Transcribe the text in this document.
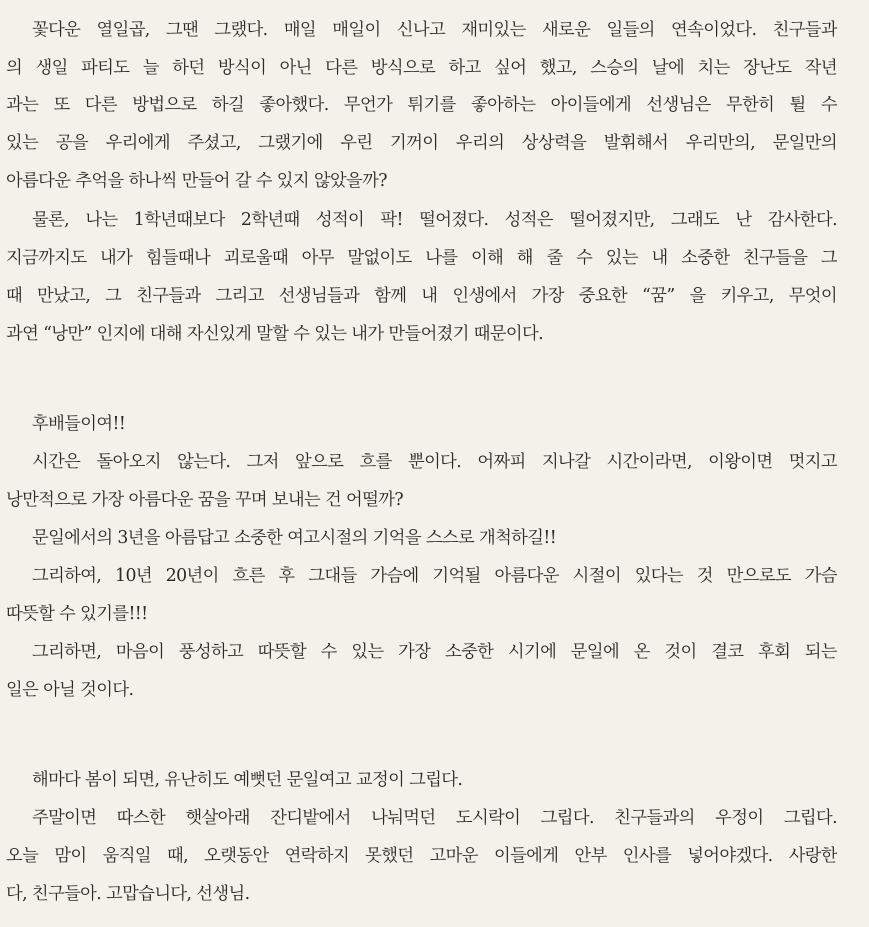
꽃다운 열일곱, 그땐 그랬다. 매일 매일이 신나고 재미있는 새로운 일들의 연속이었다. 친구들과
의 생일 파티도 늘 하던 방식이 아닌 다른 방식으로 하고 싶어 했고, 스승의 날에 치는 장난도 작년
과는 또 다른 방법으로 하길 좋아했다. 무언가 튀기를 좋아하는 아이들에게 선생님은 무한히 튈 수
있는 공을 우리에게 주셨고, 그랬기에 우린 기꺼이 우리의 상상력을 발휘해서 우리만의, 문일만의
아름다운 추억을 하나씩 만들어 갈 수 있지 않았을까?
물론, 나는 1학년때보다 2학년때 성적이 팍! 떨어졌다. 성적은 떨어졌지만, 그래도 난 감사한다.
지금까지도 내가 힘들때나 괴로울때 아무 말없이도 나를 이해 해 줄 수 있는 내 소중한 친구들을 그
때 만났고, 그 친구들과 그리고 선생님들과 함께 내 인생에서 가장 중요한 “꿈” 을 키우고, 무엇이
과연 “낭만” 인지에 대해 자신있게 말할 수 있는 내가 만들어졌기 때문이다.
후배들이여!!
시간은 돌아오지 않는다. 그저 앞으로 흐를 뿐이다. 어짜피 지나갈 시간이라면, 이왕이면 멋지고
낭만적으로 가장 아름다운 꿈을 꾸며 보내는 건 어떨까?
문일에서의 3년을 아름답고 소중한 여고시절의 기억을 스스로 개척하길!!
그리하여, 10년 20년이 흐른 후 그대들 가슴에 기억될 아름다운 시절이 있다는 것 만으로도 가슴
따뜻할 수 있기를!!!
그리하면, 마음이 풍성하고 따뜻할 수 있는 가장 소중한 시기에 문일에 온 것이 결코 후회 되는
일은 아닐 것이다.
해마다 봄이 되면, 유난히도 예뻣던 문일여고 교정이 그립다.
주말이면 따스한 햇살아래 잔디밭에서 나눠먹던 도시락이 그립다. 친구들과의 우정이 그립다.
오늘 맘이 움직일 때, 오랫동안 연락하지 못했던 고마운 이들에게 안부 인사를 넣어야겠다. 사랑한
다, 친구들아. 고맙습니다, 선생님.
